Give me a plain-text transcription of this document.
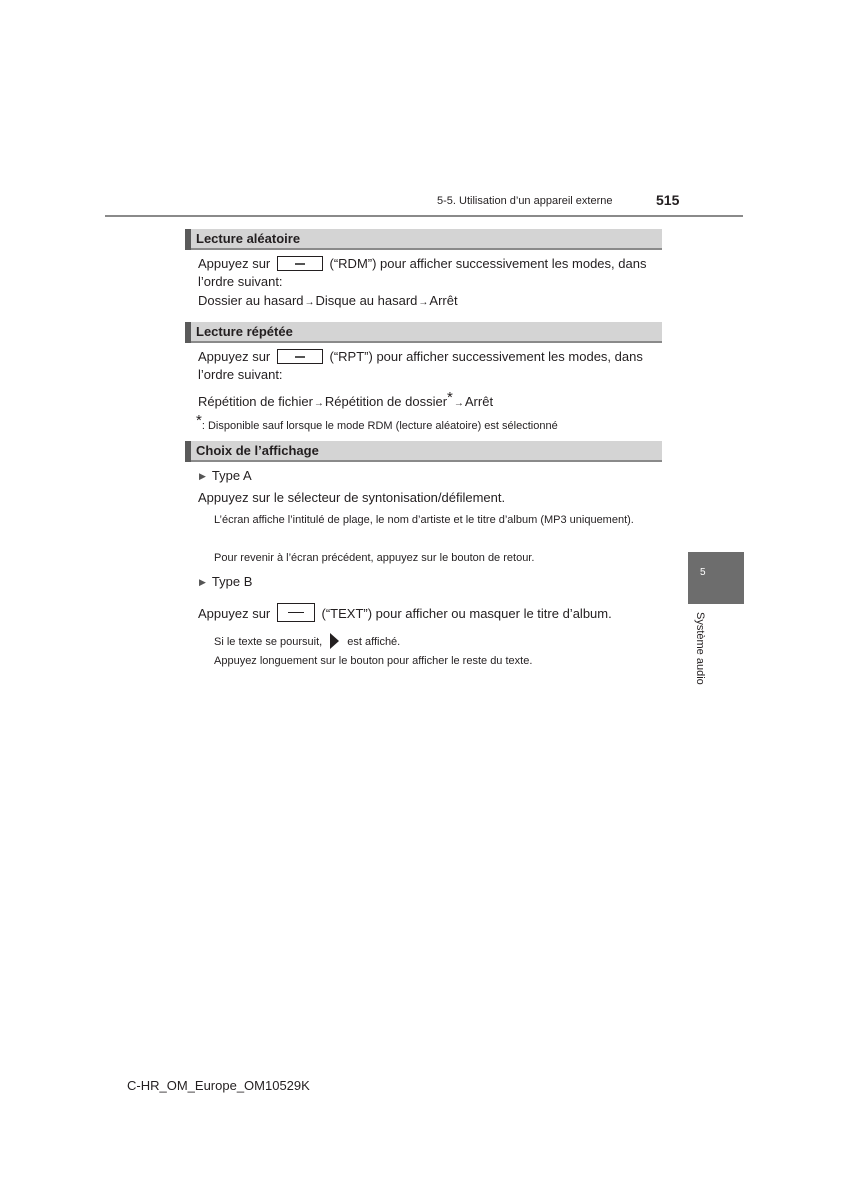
5-5. Utilisation d’un appareil externe	515
Lecture aléatoire
Appuyez sur	(“RDM”) pour afficher successivement les modes, dans
l’ordre suivant:
Dossier au hasard→Disque au hasard→Arrêt
Lecture répétée
Appuyez sur	(“RPT”) pour afficher successivement les modes, dans
l’ordre suivant:
Répétition de fichier→Répétition de dossier*→Arrêt
*: Disponible sauf lorsque le mode RDM (lecture aléatoire) est sélectionné
Choix de l’affichage
▶ Type A
Appuyez sur le sélecteur de syntonisation/défilement.
L’écran affiche l’intitulé de plage, le nom d’artiste et le titre d’album (MP3 uniquement).
Pour revenir à l’écran précédent, appuyez sur le bouton de retour.
▶ Type B
Appuyez sur	(“TEXT”) pour afficher ou masquer le titre d’album.
Si le texte se poursuit, est affiché.
Appuyez longuement sur le bouton pour afficher le reste du texte.
5
Système audio
C-HR_OM_Europe_OM10529K
